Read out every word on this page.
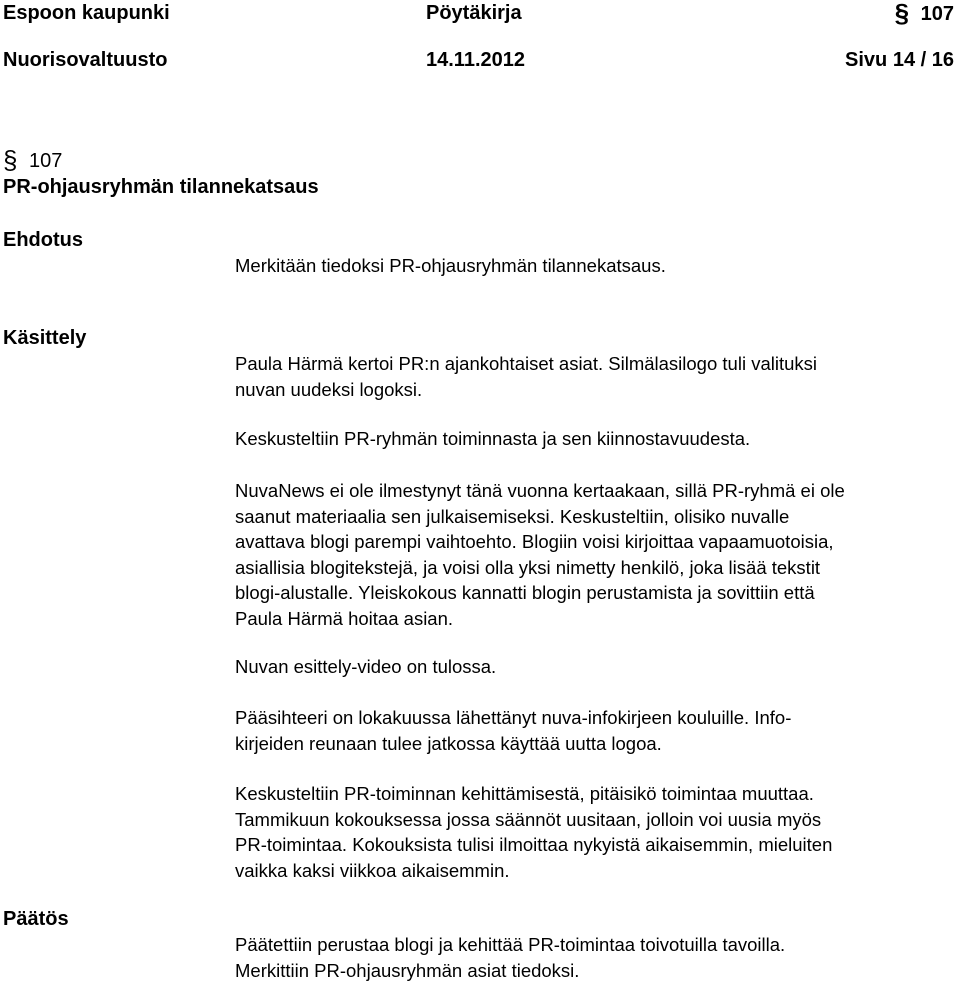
Espoon kaupunki	Pöytäkirja	§ 107
Nuorisovaltuusto	14.11.2012	Sivu 14 / 16
§ 107
PR-ohjausryhmän tilannekatsaus
Ehdotus
Merkitään tiedoksi PR-ohjausryhmän tilannekatsaus.
Käsittely
Paula Härmä kertoi PR:n ajankohtaiset asiat. Silmälasilogo tuli valituksi
nuvan uudeksi logoksi.
Keskusteltiin PR-ryhmän toiminnasta ja sen kiinnostavuudesta.
NuvaNews ei ole ilmestynyt tänä vuonna kertaakaan, sillä PR-ryhmä ei ole
saanut materiaalia sen julkaisemiseksi. Keskusteltiin, olisiko nuvalle
avattava blogi parempi vaihtoehto. Blogiin voisi kirjoittaa vapaamuotoisia,
asiallisia blogitekstejä, ja voisi olla yksi nimetty henkilö, joka lisää tekstit
blogi-alustalle. Yleiskokous kannatti blogin perustamista ja sovittiin että
Paula Härmä hoitaa asian.
Nuvan esittely-video on tulossa.
Pääsihteeri on lokakuussa lähettänyt nuva-infokirjeen kouluille. Info-
kirjeiden reunaan tulee jatkossa käyttää uutta logoa.
Keskusteltiin PR-toiminnan kehittämisestä, pitäisikö toimintaa muuttaa.
Tammikuun kokouksessa jossa säännöt uusitaan, jolloin voi uusia myös
PR-toimintaa. Kokouksista tulisi ilmoittaa nykyistä aikaisemmin, mieluiten
vaikka kaksi viikkoa aikaisemmin.
Päätös
Päätettiin perustaa blogi ja kehittää PR-toimintaa toivotuilla tavoilla.
Merkittiin PR-ohjausryhmän asiat tiedoksi.
